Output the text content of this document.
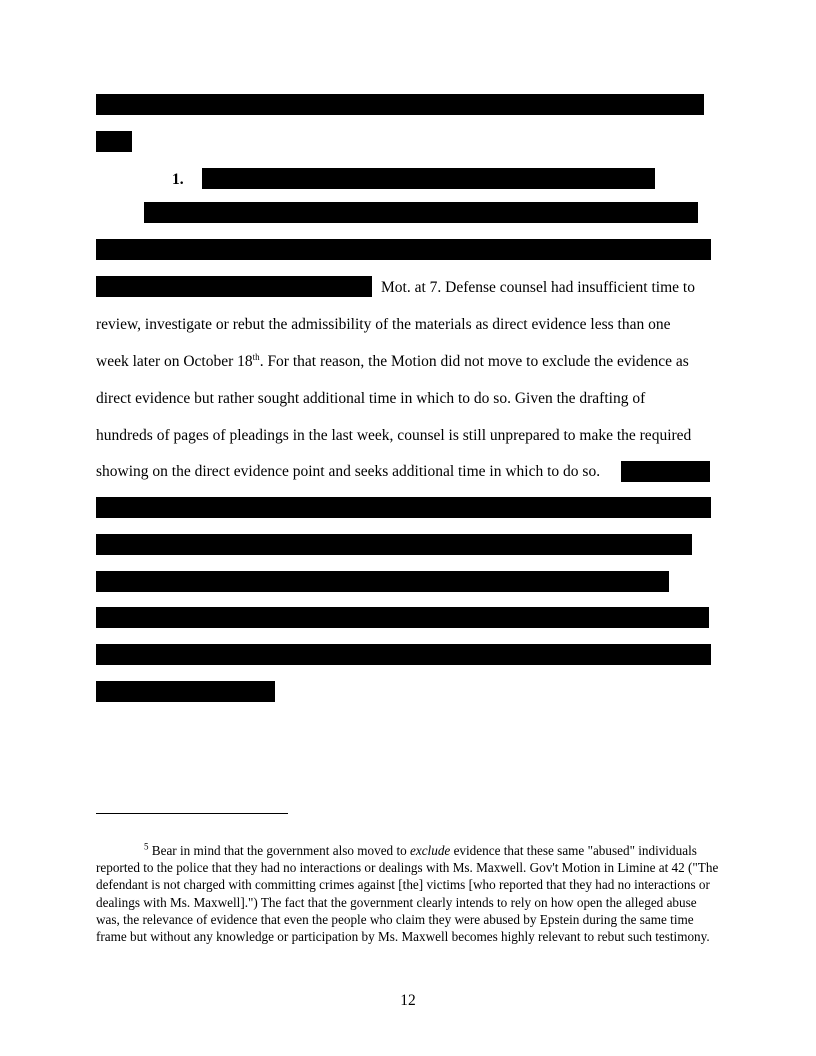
1.
Mot. at 7. Defense counsel had insufficient time to
review, investigate or rebut the admissibility of the materials as direct evidence less than one
week later on October 18th. For that reason, the Motion did not move to exclude the evidence as
direct evidence but rather sought additional time in which to do so. Given the drafting of
hundreds of pages of pleadings in the last week, counsel is still unprepared to make the required
showing on the direct evidence point and seeks additional time in which to do so.

$^5$ Bear in mind that the government also moved to exclude evidence that these same "abused" individuals reported to the police that they had no interactions or dealings with Ms. Maxwell. Gov't Motion in Limine at 42 ("The defendant is not charged with committing crimes against [the] victims [who reported that they had no interactions or dealings with Ms. Maxwell].") The fact that the government clearly intends to rely on how open the alleged abuse was, the relevance of evidence that even the people who claim they were abused by Epstein during the same time frame but without any knowledge or participation by Ms. Maxwell becomes highly relevant to rebut such testimony.

12
